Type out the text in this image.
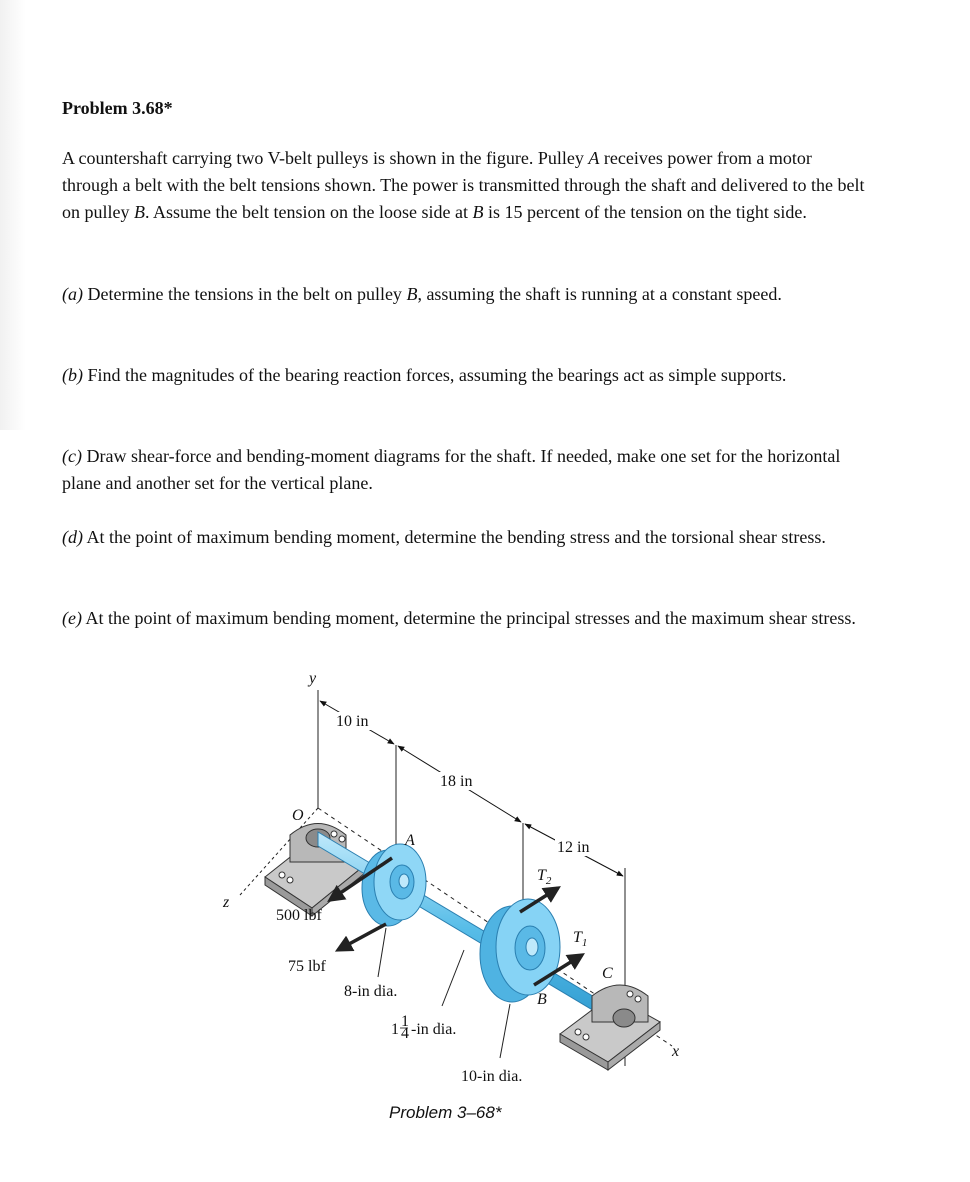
Problem 3.68*

A countershaft carrying two V-belt pulleys is shown in the figure. Pulley A receives power from a motor through a belt with the belt tensions shown. The power is transmitted through the shaft and delivered to the belt on pulley B. Assume the belt tension on the loose side at B is 15 percent of the tension on the tight side.

(a) Determine the tensions in the belt on pulley B, assuming the shaft is running at a constant speed.

(b) Find the magnitudes of the bearing reaction forces, assuming the bearings act as simple supports.

(c) Draw shear-force and bending-moment diagrams for the shaft. If needed, make one set for the horizontal plane and another set for the vertical plane.

(d) At the point of maximum bending moment, determine the bending stress and the torsional shear stress.

(e) At the point of maximum bending moment, determine the principal stresses and the maximum shear stress.

y
z
x
O
10 in
18 in
12 in
A
B
C
$T_2$
$T_1$
500 lbf
75 lbf
8-in dia.
1 1
4 -in dia.
10-in dia.
Problem 3–68*
